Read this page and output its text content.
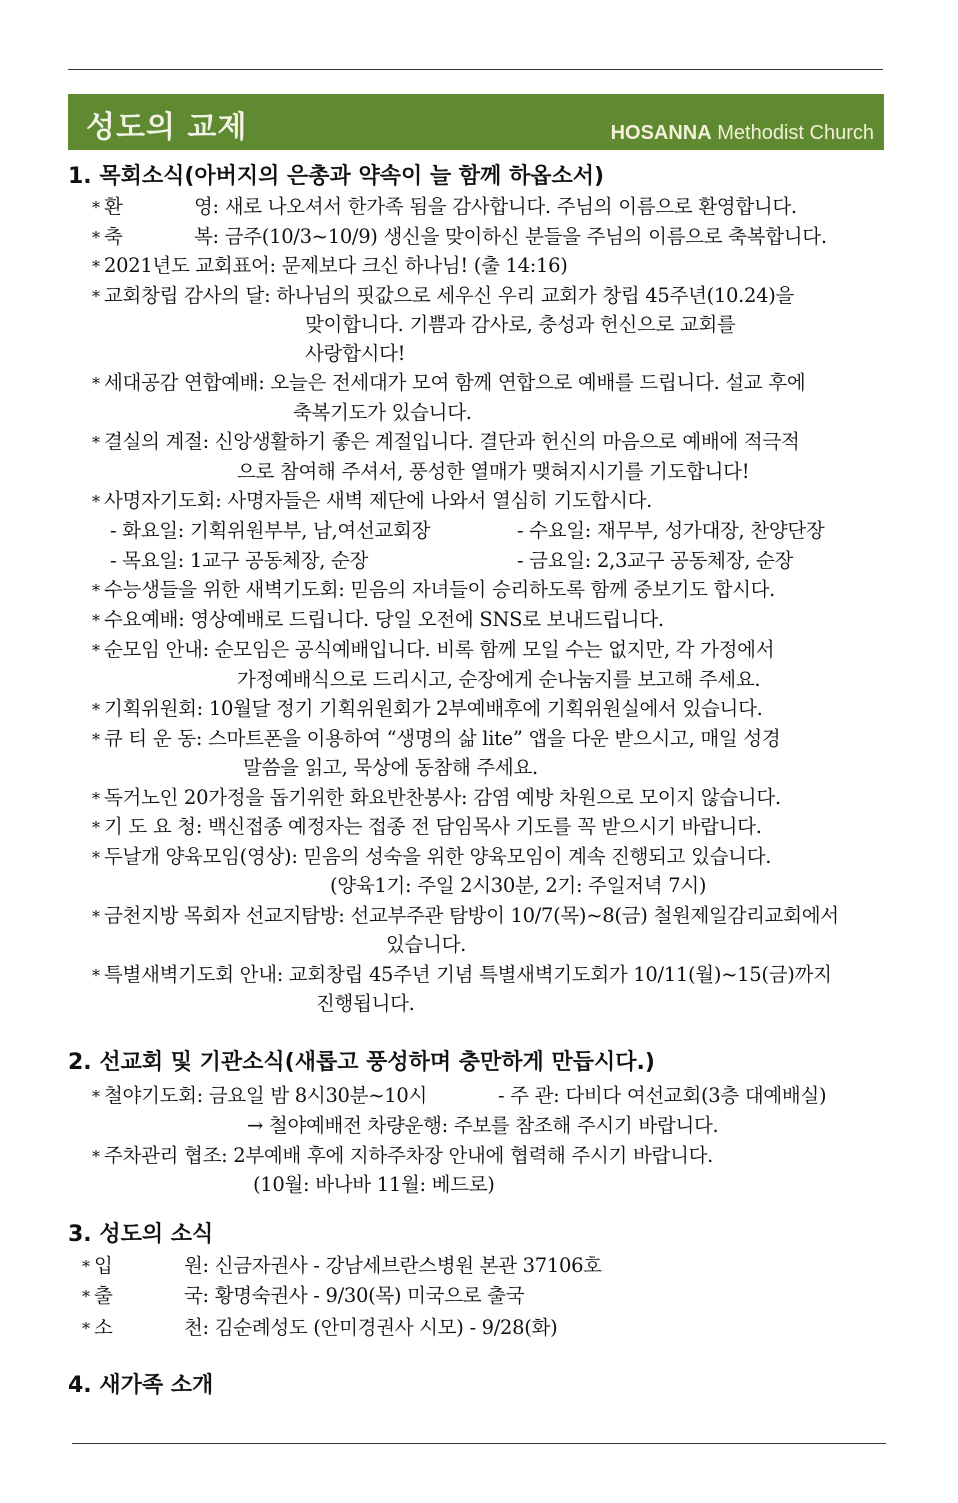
성도의 교제	HOSANNA Methodist Church
1. 목회소식(아버지의 은총과 약속이 늘 함께 하옵소서)
* 환	영: 새로 나오셔서 한가족 됨을 감사합니다. 주님의 이름으로 환영합니다.
* 축	복: 금주(10/3~10/9) 생신을 맞이하신 분들을 주님의 이름으로 축복합니다.
* 2021년도 교회표어: 문제보다 크신 하나님! (출 14:16)
* 교회창립 감사의 달: 하나님의 핏값으로 세우신 우리 교회가 창립 45주년(10.24)을
맞이합니다. 기쁨과 감사로, 충성과 헌신으로 교회를
사랑합시다!
* 세대공감 연합예배: 오늘은 전세대가 모여 함께 연합으로 예배를 드립니다. 설교 후에
축복기도가 있습니다.
* 결실의 계절: 신앙생활하기 좋은 계절입니다. 결단과 헌신의 마음으로 예배에 적극적
으로 참여해 주셔서, 풍성한 열매가 맺혀지시기를 기도합니다!
* 사명자기도회: 사명자들은 새벽 제단에 나와서 열심히 기도합시다.
- 화요일: 기획위원부부, 남,여선교회장	- 수요일: 재무부, 성가대장, 찬양단장
- 목요일: 1교구 공동체장, 순장	- 금요일: 2,3교구 공동체장, 순장
* 수능생들을 위한 새벽기도회: 믿음의 자녀들이 승리하도록 함께 중보기도 합시다.
* 수요예배: 영상예배로 드립니다. 당일 오전에 SNS로 보내드립니다.
* 순모임 안내: 순모임은 공식예배입니다. 비록 함께 모일 수는 없지만, 각 가정에서
가정예배식으로 드리시고, 순장에게 순나눔지를 보고해 주세요.
* 기획위원회: 10월달 정기 기획위원회가 2부예배후에 기획위원실에서 있습니다.
* 큐 티 운 동: 스마트폰을 이용하여 “생명의 삶 lite” 앱을 다운 받으시고, 매일 성경
말씀을 읽고, 묵상에 동참해 주세요.
* 독거노인 20가정을 돕기위한 화요반찬봉사: 감염 예방 차원으로 모이지 않습니다.
* 기 도 요 청: 백신접종 예정자는 접종 전 담임목사 기도를 꼭 받으시기 바랍니다.
* 두날개 양육모임(영상): 믿음의 성숙을 위한 양육모임이 계속 진행되고 있습니다.
(양육1기: 주일 2시30분, 2기: 주일저녁 7시)
* 금천지방 목회자 선교지탐방: 선교부주관 탐방이 10/7(목)~8(금) 철원제일감리교회에서
있습니다.
* 특별새벽기도회 안내: 교회창립 45주년 기념 특별새벽기도회가 10/11(월)~15(금)까지
진행됩니다.
2. 선교회 및 기관소식(새롭고 풍성하며 충만하게 만듭시다.)
* 철야기도회: 금요일 밤 8시30분~10시	- 주 관: 다비다 여선교회(3층 대예배실)
→ 철야예배전 차량운행: 주보를 참조해 주시기 바랍니다.
* 주차관리 협조: 2부예배 후에 지하주차장 안내에 협력해 주시기 바랍니다.
(10월: 바나바 11월: 베드로)
3. 성도의 소식
* 입	원: 신금자권사 - 강남세브란스병원 본관 37106호
* 출	국: 황명숙권사 - 9/30(목) 미국으로 출국
* 소	천: 김순례성도 (안미경권사 시모) - 9/28(화)
4. 새가족 소개
